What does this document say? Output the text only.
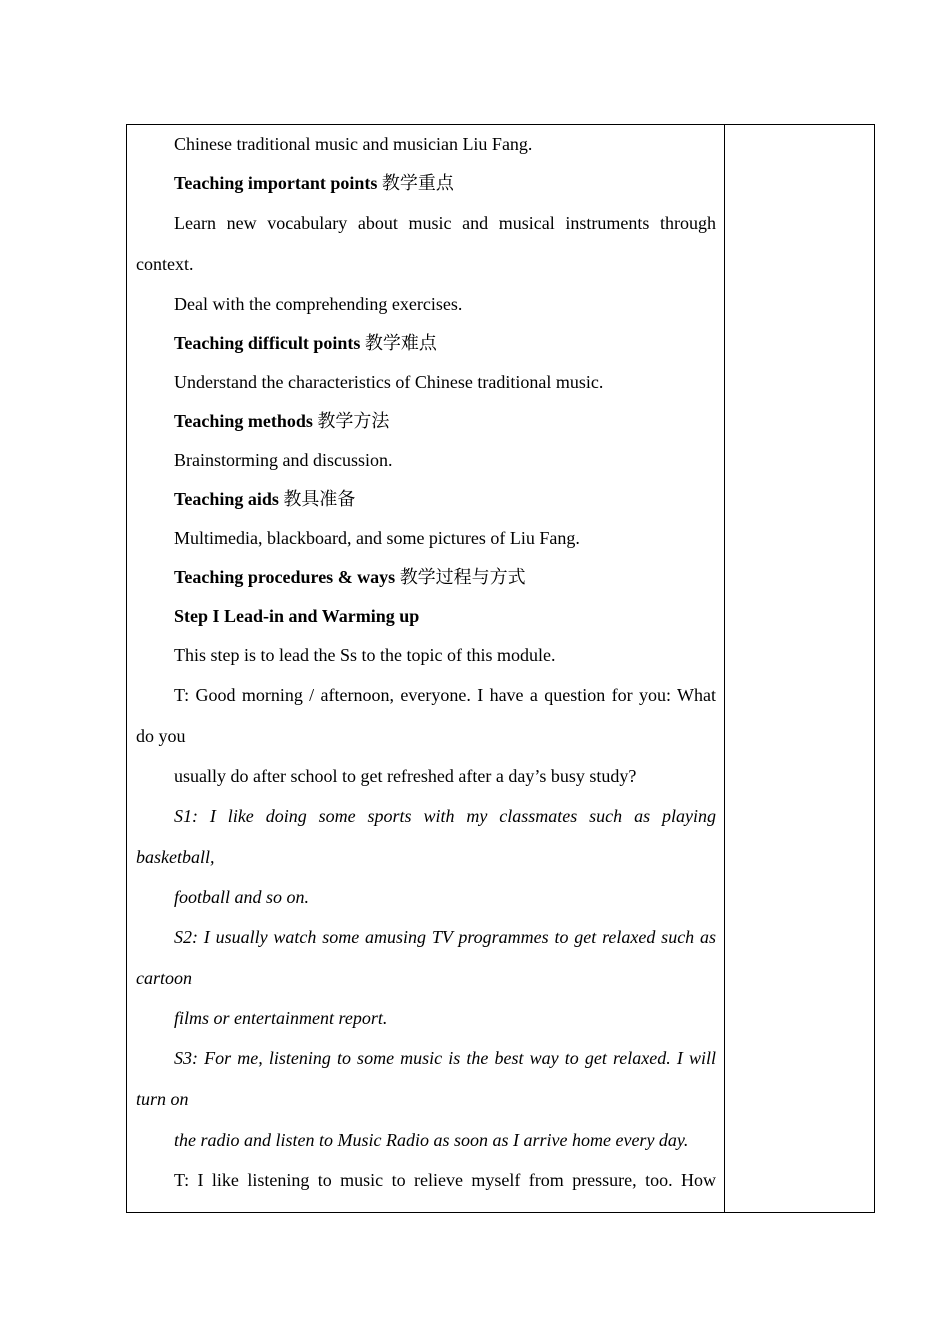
Chinese traditional music and musician Liu Fang.

Teaching important points 教学重点

Learn new vocabulary about music and musical instruments through context.

Deal with the comprehending exercises.

Teaching difficult points 教学难点

Understand the characteristics of Chinese traditional music.

Teaching methods 教学方法

Brainstorming and discussion.

Teaching aids 教具准备

Multimedia, blackboard, and some pictures of Liu Fang.

Teaching procedures & ways 教学过程与方式

Step I Lead-in and Warming up

This step is to lead the Ss to the topic of this module.

T: Good morning / afternoon, everyone. I have a question for you: What do you

usually do after school to get refreshed after a day’s busy study?

S1: I like doing some sports with my classmates such as playing basketball,

football and so on.

S2: I usually watch some amusing TV programmes to get relaxed such as cartoon

films or entertainment report.

S3: For me, listening to some music is the best way to get relaxed. I will turn on

the radio and listen to Music Radio as soon as I arrive home every day.

T: I like listening to music to relieve myself from pressure, too. How
